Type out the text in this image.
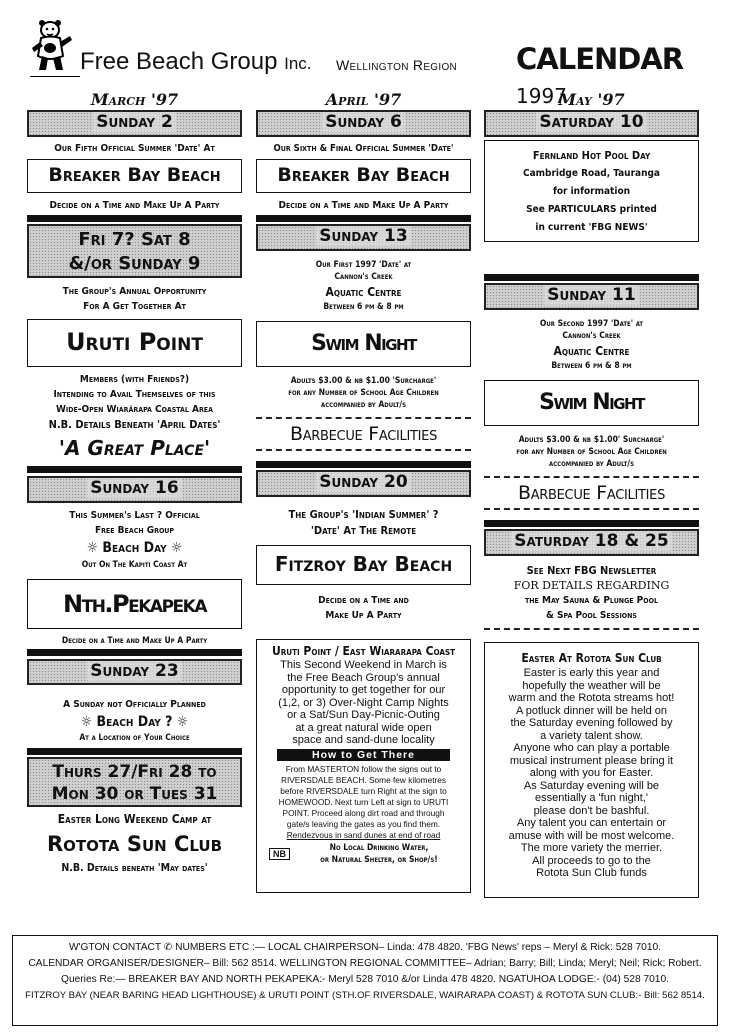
Free Beach Group Inc. Wellington Region CALENDAR 1997
March '97
Sunday 2
Our Fifth Official Summer 'Date' At
Breaker Bay Beach
Decide on a Time and Make Up A Party
Fri 7? Sat 8
&/or Sunday 9
The Group's Annual Opportunity
For A Get Together At
Uruti Point
Members (with Friends?)
Intending to Avail Themselves of this
Wide-Open Wiarărapa Coastal Area
N.B. Details Beneath 'April Dates'
'A Great Place'
Sunday 16
This Summer's Last ? Official
Free Beach Group
☼ Beach Day ☼
Out On The Kapiti Coast At
Nth.Pekapeka
Decide on a Time and Make Up A Party
Sunday 23
A Sunday not Officially Planned
☼ Beach Day ? ☼
At a Location of Your Choice
Thurs 27/Fri 28 to
Mon 30 or Tues 31
Easter Long Weekend Camp at
Rotota Sun Club
N.B. Details beneath 'May dates'
April '97
Sunday 6
Our Sixth & Final Official Summer 'Date'
Breaker Bay Beach
Decide on a Time and Make Up A Party
Sunday 13
Our First 1997 'Date' at
Cannon's Creek
Aquatic Centre
Between 6 pm & 8 pm
Swim Night
Adults $3.00 & nb $1.00 'Surcharge'
for any Number of School Age Children
accompanied by Adult/s
Barbecue Facilities
Sunday 20
The Group's 'Indian Summer' ?
'Date' At The Remote
Fitzroy Bay Beach
Decide on a Time and
Make Up A Party
Uruti Point / East Wiararapa Coast
This Second Weekend in March is
the Free Beach Group's annual
opportunity to get together for our
(1,2, or 3) Over-Night Camp Nights
or a Sat/Sun Day-Picnic-Outing
at a great natural wide open
space and sand-dune locality
How to Get There
From MASTERTON follow the signs out to
RIVERSDALE BEACH. Some few kilometres
before RIVERSDALE turn Right at the sign to
HOMEWOOD. Next turn Left at sign to URUTI
POINT. Proceed along dirt road and through
gate/s leaving the gates as you find them.
Rendezvous in sand dunes at end of road
NB
No Local Drinking Water,
or Natural Shelter, or Shop/s!
May '97
Saturday 10
Fernland Hot Pool Day
Cambridge Road, Tauranga
for information
See PARTICULARS printed
in current 'FBG NEWS'
Sunday 11
Our Second 1997 'Date' at
Cannon's Creek
Aquatic Centre
Between 6 pm & 8 pm
Swim Night
Adults $3.00 & nb $1.00' Surcharge'
for any Number of School Age Children
accompanied by Adult/s
Barbecue Facilities
Saturday 18 & 25
See Next FBG Newsletter
FOR DETAILS REGARDING
the May Sauna & Plunge Pool
& Spa Pool Sessions
Easter At Rotota Sun Club
Easter is early this year and
hopefully the weather will be
warm and the Rotota streams hot!
A potluck dinner will be held on
the Saturday evening followed by
a variety talent show.
Anyone who can play a portable
musical instrument please bring it
along with you for Easter.
As Saturday evening will be
essentially a 'fun night,'
please don't be bashful.
Any talent you can entertain or
amuse with will be most welcome.
The more variety the merrier.
All proceeds to go to the
Rotota Sun Club funds
W'GTON CONTACT ✆ NUMBERS ETC :— LOCAL CHAIRPERSON– Linda: 478 4820. 'FBG News' reps – Meryl & Rick: 528 7010.
CALENDAR ORGANISER/DESIGNER– Bill: 562 8514. WELLINGTON REGIONAL COMMITTEE– Adrian; Barry; Bill; Linda; Meryl; Neil; Rick; Robert.
Queries Re:— BREAKER BAY AND NORTH PEKAPEKA:- Meryl 528 7010 &/or Linda 478 4820. NGATUHOA LODGE:- (04) 528 7010.
FITZROY BAY (NEAR BARING HEAD LIGHTHOUSE) & URUTI POINT (STH.OF RIVERSDALE, WAIRARAPA COAST) & ROTOTA SUN CLUB:- Bill: 562 8514.
